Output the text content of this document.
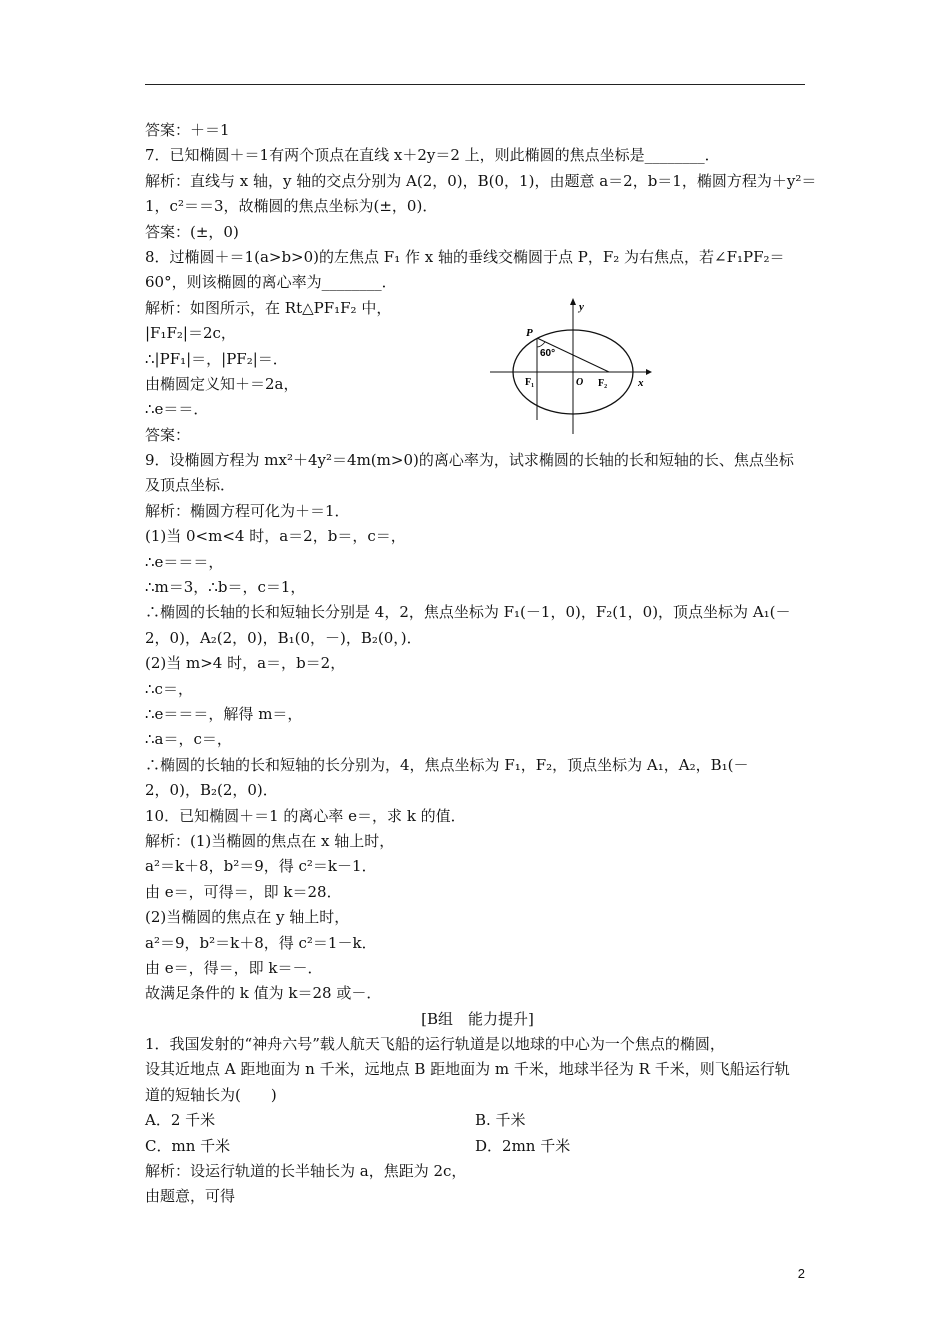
答案：＋＝1
7．已知椭圆＋＝1有两个顶点在直线 x＋2y＝2 上，则此椭圆的焦点坐标是________．
解析：直线与 x 轴，y 轴的交点分别为 A(2，0)，B(0，1)，由题意 a＝2，b＝1，椭圆方程为＋y²＝
1，c²＝＝3，故椭圆的焦点坐标为(±，0)．
答案：(±，0)
8．过椭圆＋＝1(a>b>0)的左焦点 F₁ 作 x 轴的垂线交椭圆于点 P，F₂ 为右焦点，若∠F₁PF₂＝
60°，则该椭圆的离心率为________．
解析：如图所示，在 Rt△PF₁F₂ 中，
|F₁F₂|＝2c，
∴|PF₁|＝，|PF₂|＝．
由椭圆定义知＋＝2a，
∴e＝＝．
答案：
9．设椭圆方程为 mx²＋4y²＝4m(m>0)的离心率为，试求椭圆的长轴的长和短轴的长、焦点坐标
及顶点坐标．
解析：椭圆方程可化为＋＝1．
(1)当 0<m<4 时，a＝2，b＝，c＝，
∴e＝＝＝，
∴m＝3，∴b＝，c＝1，
∴椭圆的长轴的长和短轴长分别是 4，2，焦点坐标为 F₁(－1，0)，F₂(1，0)，顶点坐标为 A₁(－
2，0)，A₂(2，0)，B₁(0，－)，B₂(0，)．
(2)当 m>4 时，a＝，b＝2，
∴c＝，
∴e＝＝＝，解得 m＝，
∴a＝，c＝，
∴椭圆的长轴的长和短轴的长分别为，4，焦点坐标为 F₁，F₂，顶点坐标为 A₁，A₂，B₁(－
2，0)，B₂(2，0)．
10．已知椭圆＋＝1 的离心率 e＝，求 k 的值．
解析：(1)当椭圆的焦点在 x 轴上时，
a²＝k＋8，b²＝9，得 c²＝k－1．
由 e＝，可得＝，即 k＝28．
(2)当椭圆的焦点在 y 轴上时，
a²＝9，b²＝k＋8，得 c²＝1－k．
由 e＝，得＝，即 k＝－．
故满足条件的 k 值为 k＝28 或－．
[B组　能力提升]
1．我国发射的“神舟六号”载人航天飞船的运行轨道是以地球的中心为一个焦点的椭圆，
设其近地点 A 距地面为 n 千米，远地点 B 距地面为 m 千米，地球半径为 R 千米，则飞船运行轨
道的短轴长为(　　)
A．2 千米	B. 千米
C．mn 千米	D．2mn 千米
解析：设运行轨道的长半轴长为 a，焦距为 2c，
由题意，可得
P
60°
F₁	O F₂	x
y
2
